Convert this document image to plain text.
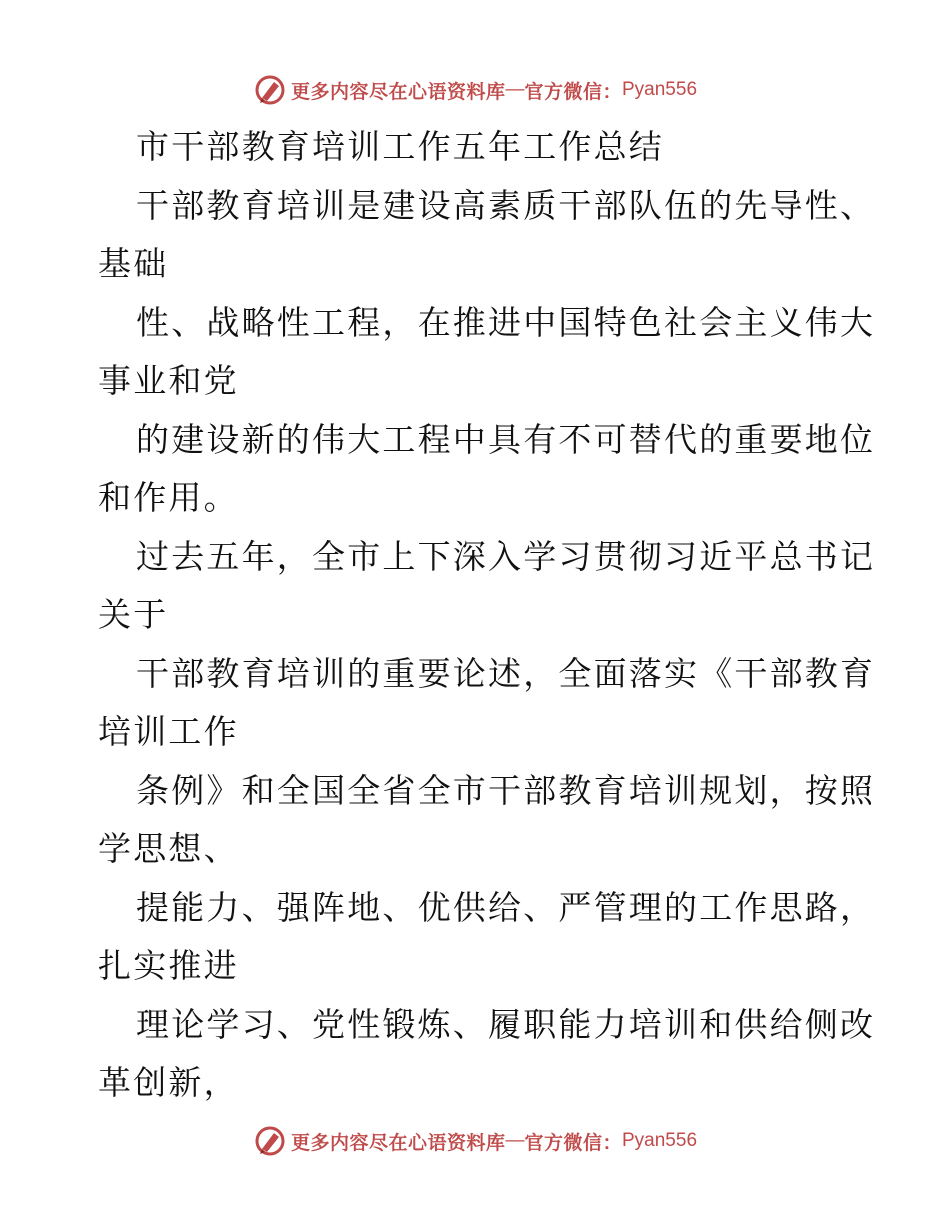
更多内容尽在心语资料库 — 官方微信： Pyan556
市干部教育培训工作五年工作总结
干部教育培训是建设高素质干部队伍的先导性、
基础
性、战略性工程，在推进中国特色社会主义伟大
事业和党
的建设新的伟大工程中具有不可替代的重要地位
和作用。
过去五年，全市上下深入学习贯彻习近平总书记
关于
干部教育培训的重要论述，全面落实《干部教育
培训工作
条例》和全国全省全市干部教育培训规划，按照
学思想、
提能力、强阵地、优供给、严管理的工作思路，
扎实推进
理论学习、党性锻炼、履职能力培训和供给侧改
革创新，
更多内容尽在心语资料库 — 官方微信： Pyan556
